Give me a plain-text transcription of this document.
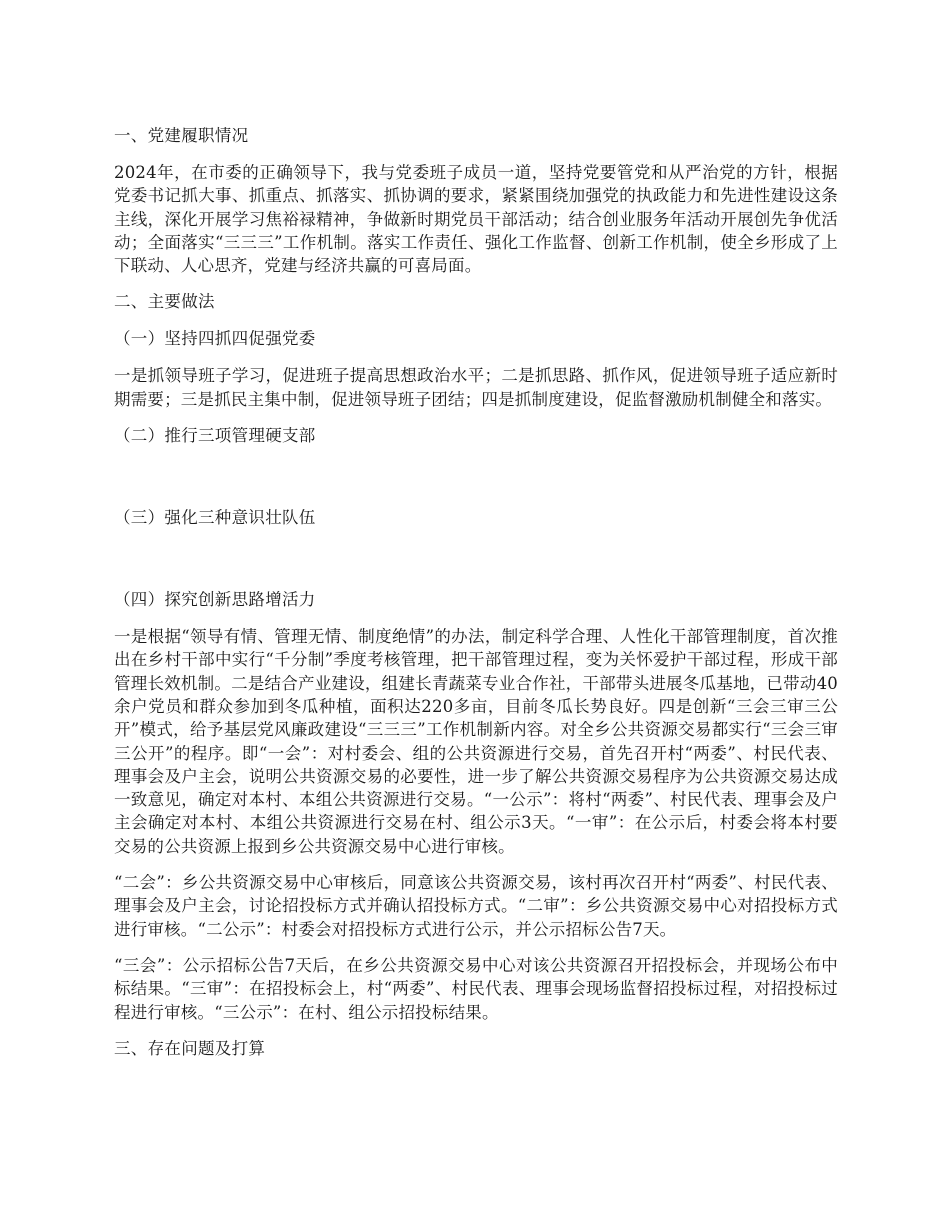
一、党建履职情况

2024年，在市委的正确领导下，我与党委班子成员一道，坚持党要管党和从严治党的方针，根据党委书记抓大事、抓重点、抓落实、抓协调的要求，紧紧围绕加强党的执政能力和先进性建设这条主线，深化开展学习焦裕禄精神，争做新时期党员干部活动；结合创业服务年活动开展创先争优活动；全面落实“三三三”工作机制。落实工作责任、强化工作监督、创新工作机制，使全乡形成了上下联动、人心思齐，党建与经济共赢的可喜局面。

二、主要做法
（一）坚持四抓四促强党委

一是抓领导班子学习，促进班子提高思想政治水平；二是抓思路、抓作风，促进领导班子适应新时期需要；三是抓民主集中制，促进领导班子团结；四是抓制度建设，促监督激励机制健全和落实。

（二）推行三项管理硬支部
（三）强化三种意识壮队伍
（四）探究创新思路增活力

一是根据“领导有情、管理无情、制度绝情”的办法，制定科学合理、人性化干部管理制度，首次推出在乡村干部中实行“千分制”季度考核管理，把干部管理过程，变为关怀爱护干部过程，形成干部管理长效机制。二是结合产业建设，组建长青蔬菜专业合作社，干部带头进展冬瓜基地，已带动40余户党员和群众参加到冬瓜种植，面积达220多亩，目前冬瓜长势良好。四是创新“三会三审三公开”模式，给予基层党风廉政建设“三三三”工作机制新内容。对全乡公共资源交易都实行“三会三审三公开”的程序。即“一会”：对村委会、组的公共资源进行交易，首先召开村“两委”、村民代表、理事会及户主会，说明公共资源交易的必要性，进一步了解公共资源交易程序为公共资源交易达成一致意见，确定对本村、本组公共资源进行交易。“一公示”：将村“两委”、村民代表、理事会及户主会确定对本村、本组公共资源进行交易在村、组公示3天。“一审”：在公示后，村委会将本村要交易的公共资源上报到乡公共资源交易中心进行审核。

“二会”：乡公共资源交易中心审核后，同意该公共资源交易，该村再次召开村“两委”、村民代表、理事会及户主会，讨论招投标方式并确认招投标方式。“二审”：乡公共资源交易中心对招投标方式进行审核。“二公示”：村委会对招投标方式进行公示，并公示招标公告7天。

“三会”：公示招标公告7天后，在乡公共资源交易中心对该公共资源召开招投标会，并现场公布中标结果。“三审”：在招投标会上，村“两委”、村民代表、理事会现场监督招投标过程，对招投标过程进行审核。“三公示”：在村、组公示招投标结果。

三、存在问题及打算
